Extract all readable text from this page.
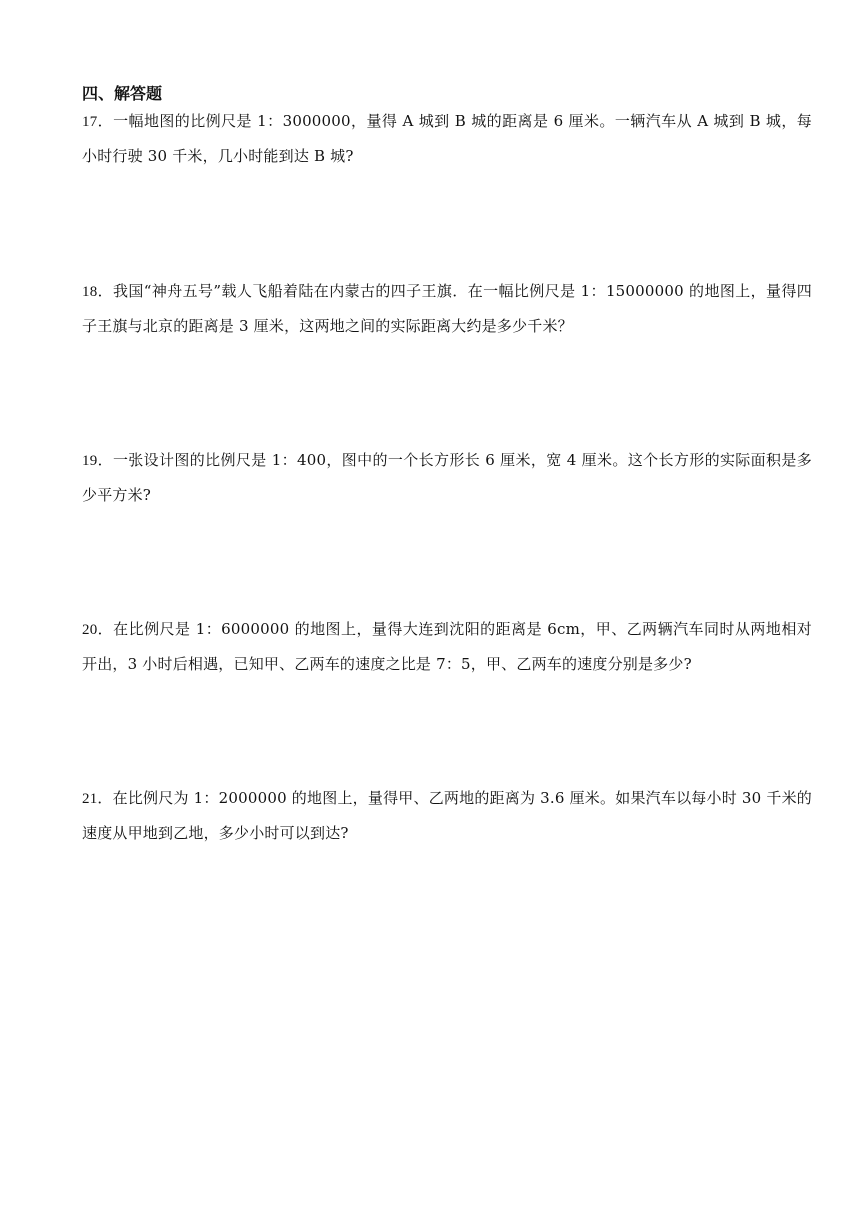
四、解答题

17．一幅地图的比例尺是 1：3000000，量得 A 城到 B 城的距离是 6 厘米。一辆汽车从 A 城到 B 城，每小时行驶 30 千米，几小时能到达 B 城?

18．我国“神舟五号”载人飞船着陆在内蒙古的四子王旗．在一幅比例尺是 1：15000000 的地图上，量得四子王旗与北京的距离是 3 厘米，这两地之间的实际距离大约是多少千米？

19．一张设计图的比例尺是 1：400，图中的一个长方形长 6 厘米，宽 4 厘米。这个长方形的实际面积是多少平方米?

20．在比例尺是 1：6000000 的地图上，量得大连到沈阳的距离是 6cm，甲、乙两辆汽车同时从两地相对开出，3 小时后相遇，已知甲、乙两车的速度之比是 7：5，甲、乙两车的速度分别是多少?

21．在比例尺为 1：2000000 的地图上，量得甲、乙两地的距离为 3.6 厘米。如果汽车以每小时 30 千米的速度从甲地到乙地，多少小时可以到达?
